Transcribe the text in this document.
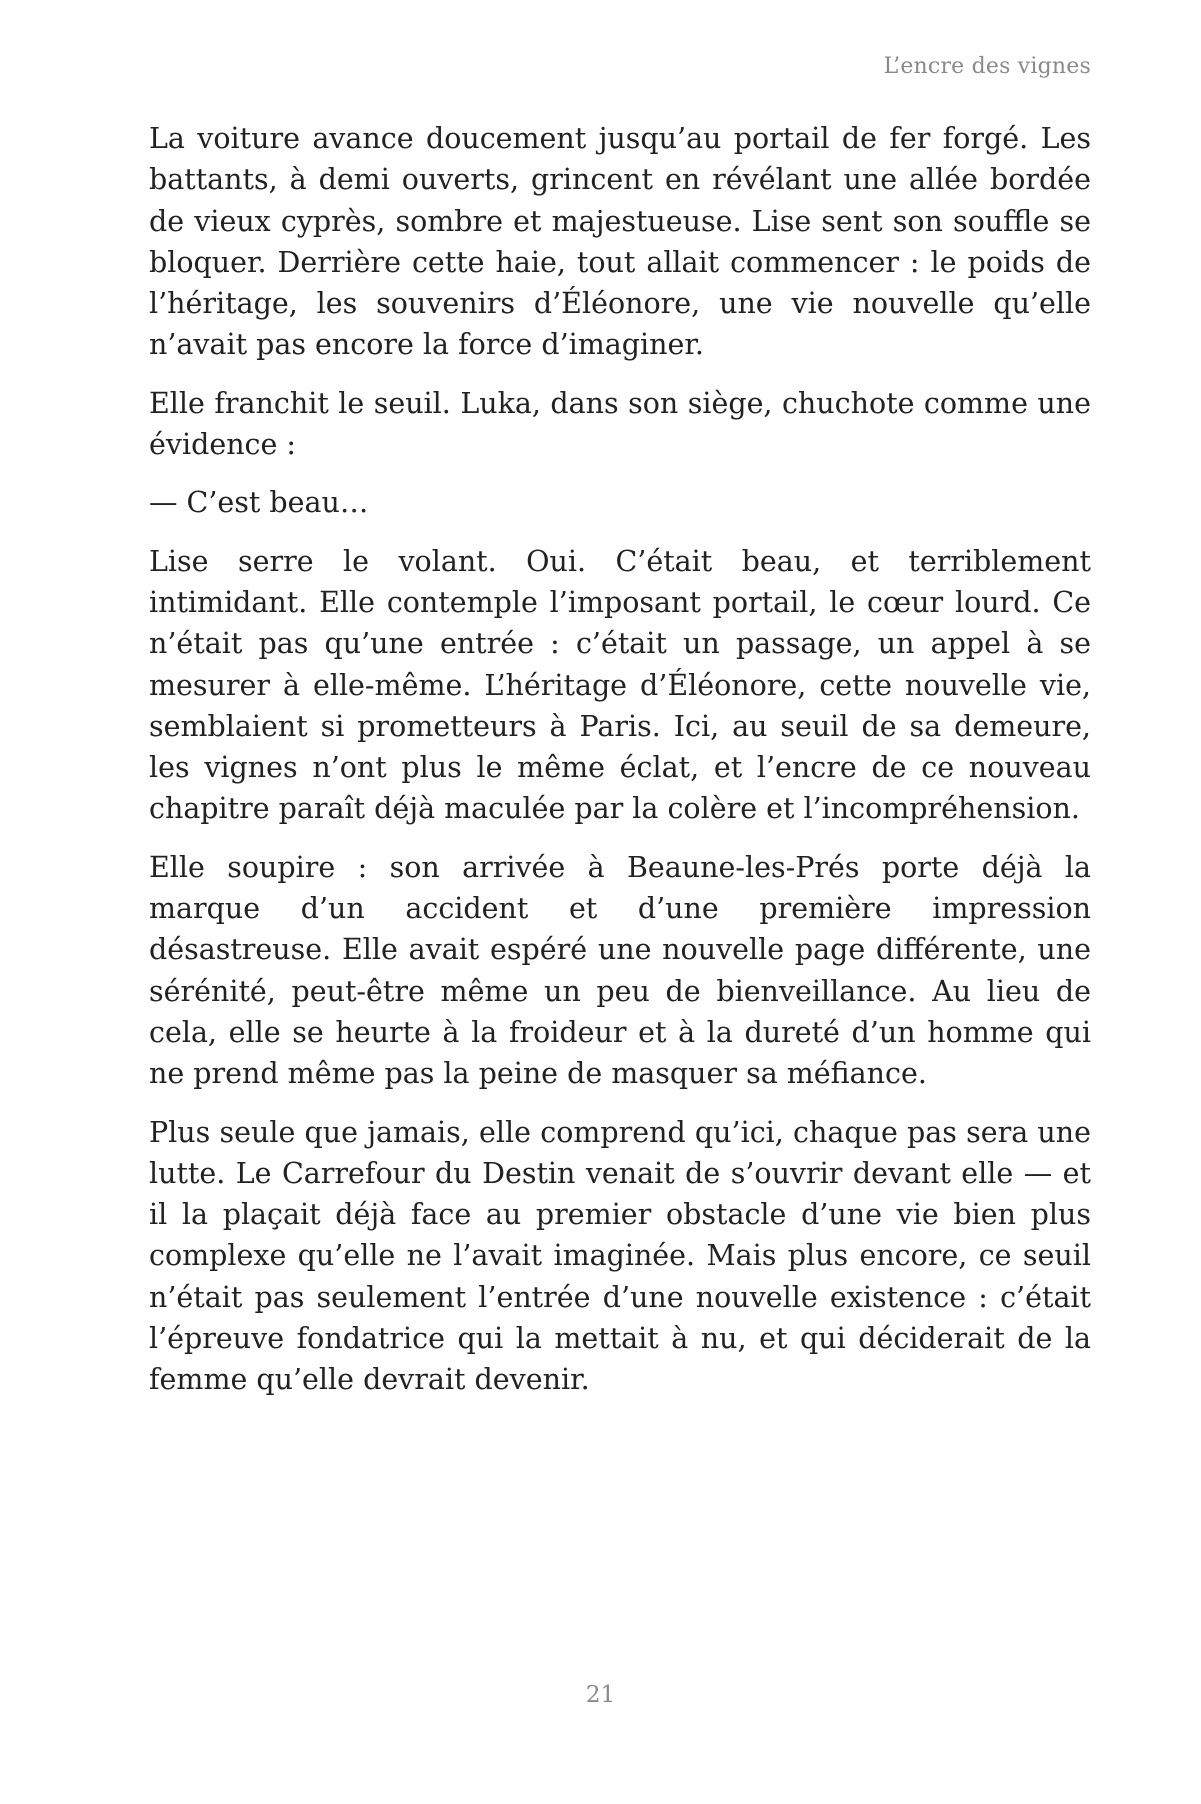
L’encre des vignes

La voiture avance doucement jusqu’au portail de fer forgé. Les battants, à demi ouverts, grincent en révélant une allée bordée de vieux cyprès, sombre et majestueuse. Lise sent son souffle se bloquer. Derrière cette haie, tout allait commencer : le poids de l’héritage, les souvenirs d’Éléonore, une vie nouvelle qu’elle n’avait pas encore la force d’imaginer.

Elle franchit le seuil. Luka, dans son siège, chuchote comme une évidence :

— C’est beau…

Lise serre le volant. Oui. C’était beau, et terriblement intimidant. Elle contemple l’imposant portail, le cœur lourd. Ce n’était pas qu’une entrée : c’était un passage, un appel à se mesurer à elle-même. L’héritage d’Éléonore, cette nouvelle vie, semblaient si prometteurs à Paris. Ici, au seuil de sa demeure, les vignes n’ont plus le même éclat, et l’encre de ce nouveau chapitre paraît déjà maculée par la colère et l’incompréhension.

Elle soupire : son arrivée à Beaune-les-Prés porte déjà la marque d’un accident et d’une première impression désastreuse. Elle avait espéré une nouvelle page différente, une sérénité, peut-être même un peu de bienveillance. Au lieu de cela, elle se heurte à la froideur et à la dureté d’un homme qui ne prend même pas la peine de masquer sa méfiance.

Plus seule que jamais, elle comprend qu’ici, chaque pas sera une lutte. Le Carrefour du Destin venait de s’ouvrir devant elle — et il la plaçait déjà face au premier obstacle d’une vie bien plus complexe qu’elle ne l’avait imaginée. Mais plus encore, ce seuil n’était pas seulement l’entrée d’une nouvelle existence : c’était l’épreuve fondatrice qui la mettait à nu, et qui déciderait de la femme qu’elle devrait devenir.

21
